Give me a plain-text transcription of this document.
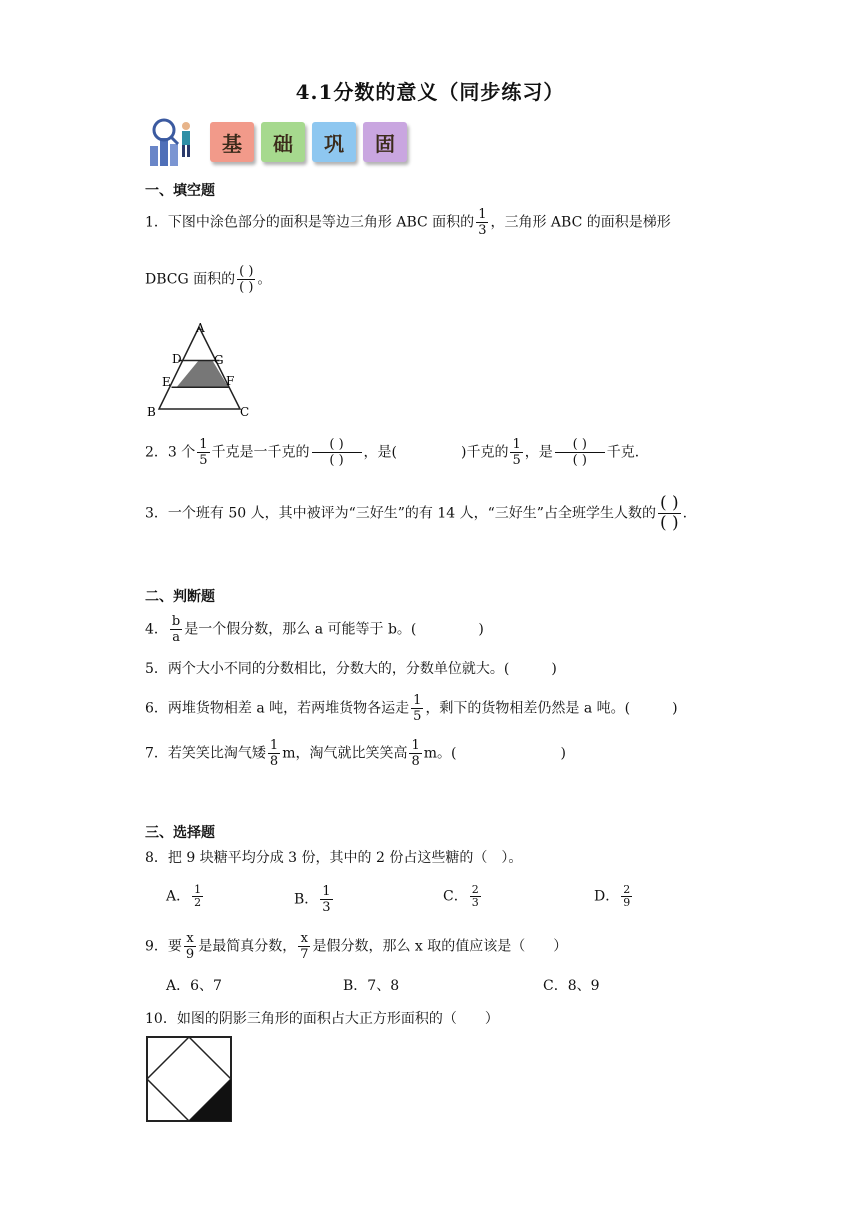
4.1分数的意义（同步练习）
基	础	巩	固
一、填空题
1．下图中涂色部分的面积是等边三角形 ABC 面积的 $\frac{1}{3}$ ，三角形 ABC 的面积是梯形
DBCG 面积的 $\frac{( )}{( )}$ 。
A
D	G
E	F
B	C
2．3 个 $\frac{1}{5}$ 千克是一千克的 $\frac{( )}{( )}$ ，是(	)千克的 $\frac{1}{5}$ ，是 $\frac{( )}{( )}$ 千克．
3．一个班有 50 人，其中被评为“三好生”的有 14 人，“三好生”占全班学生人数的 $\frac{( )}{( )}$ .
二、判断题
4． $\frac{b}{a}$ 是一个假分数，那么 a 可能等于 b。(	)
5．两个大小不同的分数相比，分数大的，分数单位就大。(	)
6．两堆货物相差 a 吨，若两堆货物各运走 $\frac{1}{5}$ ，剩下的货物相差仍然是 a 吨。(	)
7．若笑笑比淘气矮 $\frac{1}{8}$ m，淘气就比笑笑高 $\frac{1}{8}$ m。(	)
三、选择题
8．把 9 块糖平均分成 3 份，其中的 2 份占这些糖的（　）。
A． $\frac{1}{2}$	B． $\frac{1}{3}$	C． $\frac{2}{3}$	D． $\frac{2}{9}$
9．要 $\frac{x}{9}$ 是最简真分数， $\frac{x}{7}$ 是假分数，那么 x 取的值应该是（　　）
A．6、7	B．7、8	C．8、9
10．如图的阴影三角形的面积占大正方形面积的（　　）
